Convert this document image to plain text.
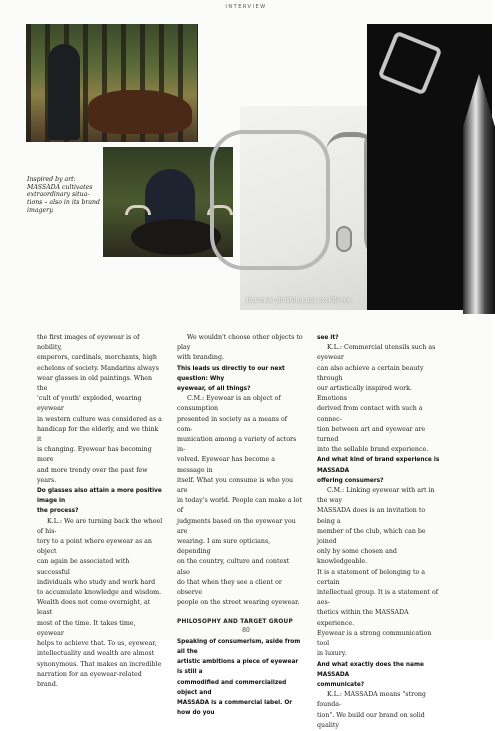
INTERVIEW
Inspired by art:
MASSADA cultivates
extraordinary situa-
tions – also in its brand
imagery.
Japanese finishing par excellence.

the first images of eyewear is of nobility,

emperors, cardinals, merchants, high

echelons of society. Mandarins always

wear glasses in old paintings. When the

'cult of youth' exploded, wearing eyewear

in western culture was considered as a

handicap for the elderly, and we think it

is changing. Eyewear has becoming more

and more trendy over the past few years.

Do glasses also attain a more positive image in

the process?

K.L.: We are turning back the wheel of his-

tory to a point where eyewear as an object

can again be associated with successful

individuals who study and work hard

to accumulate knowledge and wisdom.

Wealth does not come overnight, at least

most of the time. It takes time, eyewear

helps to achieve that. To us, eyewear,

intellectuality and wealth are almost

synonymous. That makes an incredible

narration for an eyewear-related brand.

We wouldn't choose other objects to play

with branding.

This leads us directly to our next question: Why

eyewear, of all things?

C.M.: Eyewear is an object of consumption

presented in society as a means of com-

munication among a variety of actors in-

volved. Eyewear has become a message in

itself. What you consume is who you are

in today's world. People can make a lot of

judgments based on the eyewear you are

wearing. I am sure opticians, depending

on the country, culture and context also

do that when they see a client or observe

people on the street wearing eyewear.

PHILOSOPHY AND TARGET GROUP

Speaking of consumerism, aside from all the

artistic ambitions a piece of eyewear is still a

commodified and commercialized object and

MASSADA is a commercial label. Or how do you

see it?

K.L.: Commercial utensils such as eyewear

can also achieve a certain beauty through

our artistically inspired work. Emotions

derived from contact with such a connec-

tion between art and eyewear are turned

into the sellable brand experience.

And what kind of brand experience is MASSADA

offering consumers?

C.M.: Linking eyewear with art in the way

MASSADA does is an invitation to being a

member of the club, which can be joined

only by some chosen and knowledgeable.

It is a statement of belonging to a certain

intellectual group. It is a statement of aes-

thetics within the MASSADA experience.

Eyewear is a strong communication tool

in luxury.

And what exactly does the name MASSADA

communicate?

K.L.: MASSADA means "strong founda-

tion". We build our brand on solid quality

80
